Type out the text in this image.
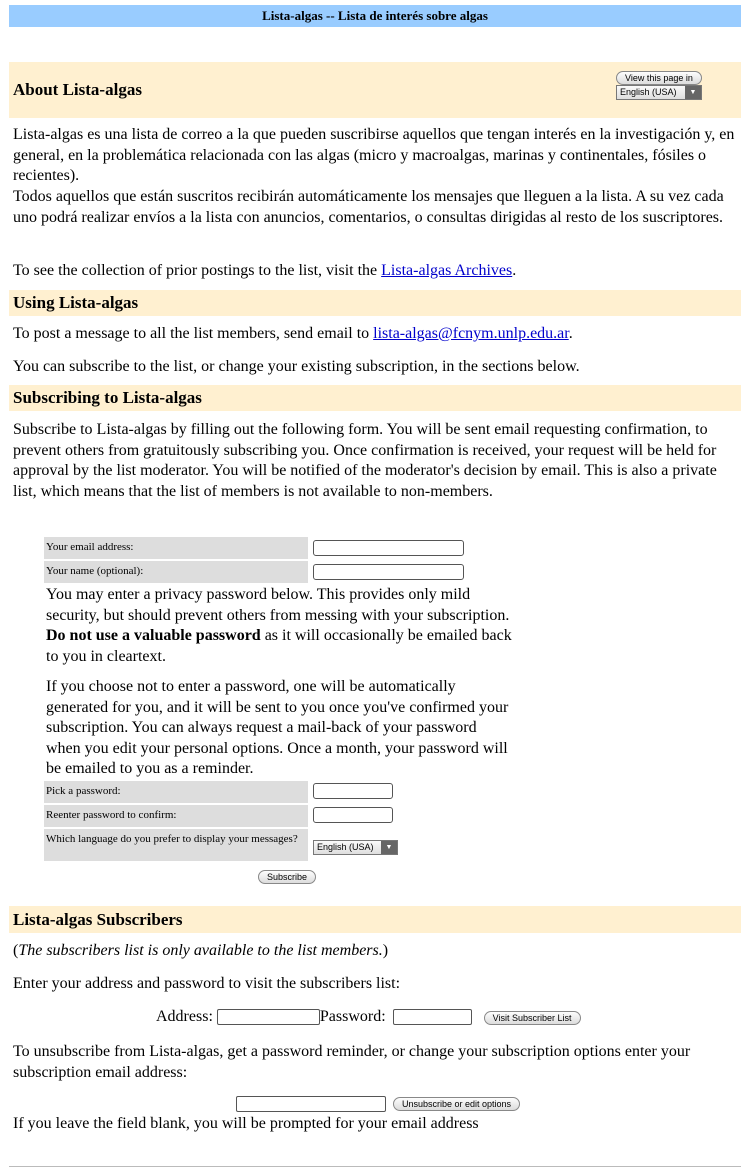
Lista-algas -- Lista de interés sobre algas
About Lista-algas
View this page in
English (USA)	▼
Lista-algas es una lista de correo a la que pueden suscribirse aquellos que tengan interés en la investigación y, en general, en la problemática relacionada con las algas (micro y macroalgas, marinas y continentales, fósiles o recientes).
Todos aquellos que están suscritos recibirán automáticamente los mensajes que lleguen a la lista. A su vez cada uno podrá realizar envíos a la lista con anuncios, comentarios, o consultas dirigidas al resto de los suscriptores.
To see the collection of prior postings to the list, visit the Lista-algas Archives.
Using Lista-algas
To post a message to all the list members, send email to lista-algas@fcnym.unlp.edu.ar.
You can subscribe to the list, or change your existing subscription, in the sections below.
Subscribing to Lista-algas
Subscribe to Lista-algas by filling out the following form. You will be sent email requesting confirmation, to prevent others from gratuitously subscribing you. Once confirmation is received, your request will be held for approval by the list moderator. You will be notified of the moderator's decision by email. This is also a private list, which means that the list of members is not available to non-members.
Your email address:
Your name (optional):
You may enter a privacy password below. This provides only mild security, but should prevent others from messing with your subscription. Do not use a valuable password as it will occasionally be emailed back to you in cleartext.
If you choose not to enter a password, one will be automatically generated for you, and it will be sent to you once you've confirmed your subscription. You can always request a mail-back of your password when you edit your personal options. Once a month, your password will be emailed to you as a reminder.
Pick a password:
Reenter password to confirm:
Which language do you prefer to display your messages?
English (USA)	▼
Subscribe
Lista-algas Subscribers
(The subscribers list is only available to the list members.)
Enter your address and password to visit the subscribers list:
Address:	Password:	Visit Subscriber List
To unsubscribe from Lista-algas, get a password reminder, or change your subscription options enter your subscription email address:
Unsubscribe or edit options
If you leave the field blank, you will be prompted for your email address
